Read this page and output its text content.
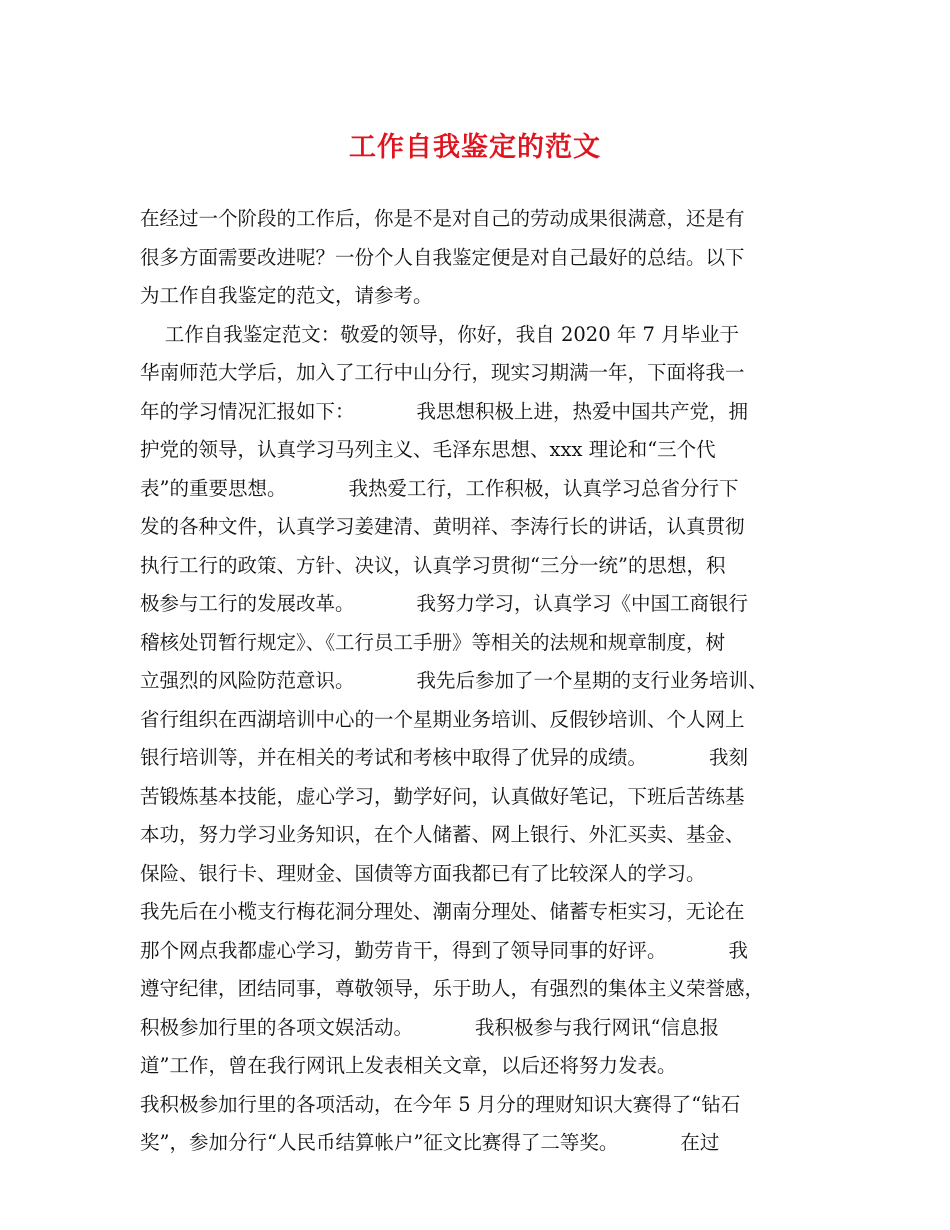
工作自我鉴定的范文
在经过一个阶段的工作后，你是不是对自己的劳动成果很满意，还是有
很多方面需要改进呢？一份个人自我鉴定便是对自己最好的总结。以下
为工作自我鉴定的范文，请参考。
工作自我鉴定范文：敬爱的领导，你好，我自 2020 年 7 月毕业于
华南师范大学后，加入了工行中山分行，现实习期满一年，下面将我一
年的学习情况汇报如下：          我思想积极上进，热爱中国共产党，拥
护党的领导，认真学习马列主义、毛泽东思想、xxx 理论和“三个代
表”的重要思想。          我热爱工行，工作积极，认真学习总省分行下
发的各种文件，认真学习姜建清、黄明祥、李涛行长的讲话，认真贯彻
执行工行的政策、方针、决议，认真学习贯彻“三分一统”的思想，积
极参与工行的发展改革。          我努力学习，认真学习《中国工商银行
稽核处罚暂行规定》、《工行员工手册》等相关的法规和规章制度，树
立强烈的风险防范意识。          我先后参加了一个星期的支行业务培训、
省行组织在西湖培训中心的一个星期业务培训、反假钞培训、个人网上
银行培训等，并在相关的考试和考核中取得了优异的成绩。          我刻
苦锻炼基本技能，虚心学习，勤学好问，认真做好笔记，下班后苦练基
本功，努力学习业务知识，在个人储蓄、网上银行、外汇买卖、基金、
保险、银行卡、理财金、国债等方面我都已有了比较深人的学习。
我先后在小榄支行梅花洞分理处、潮南分理处、储蓄专柜实习，无论在
那个网点我都虚心学习，勤劳肯干，得到了领导同事的好评。          我
遵守纪律，团结同事，尊敬领导，乐于助人，有强烈的集体主义荣誉感，
积极参加行里的各项文娱活动。          我积极参与我行网讯“信息报
道”工作，曾在我行网讯上发表相关文章，以后还将努力发表。
我积极参加行里的各项活动，在今年 5 月分的理财知识大赛得了“钻石
奖”，参加分行“人民币结算帐户”征文比赛得了二等奖。          在过
